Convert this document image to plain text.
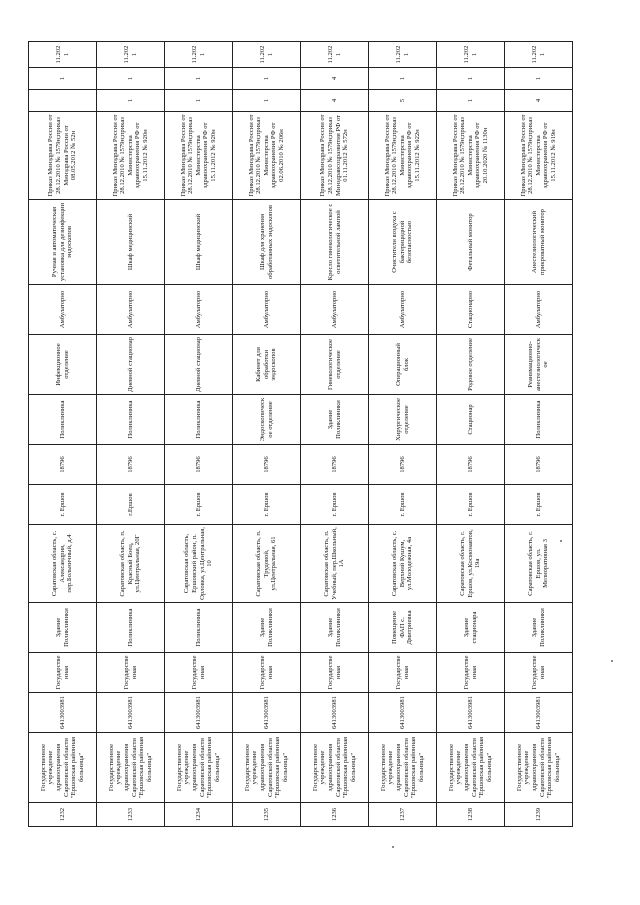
1232	Государственное учреждение здравоохранения Саратовской области "Ершовская районная больница"	6413003981	Государственная	Здание Поликлиники	Саратовская область, с. Александрия, пер.Больничный, д.4	г. Ершов	18796	Поликлиника	Инфекционное отделение	Амбулаторно	Ручная и автоматическая установка для дезинфекции эндоскопов	Приказ Минздрава России от 28.12.2010 № 1579н;приказ Минздрава России от 08.05.2012 № 52н		1	11.2021
1233	Государственное учреждение здравоохранения Саратовской области "Ершовская районная больница"	6413003981	Государственная	Поликлиника	Саратовская область, п. Красный Боец, ул.Центральная, 20Г	г.Ершов	18796	Поликлиника	Дневной стационар	Амбулаторно	Шкаф медицинский	Приказ Минздрава России от 28.12.2010 № 1579н;приказ Министерства здравоохранения РФ от 15.11.2012 № 920н	1	1	11.2021
1234	Государственное учреждение здравоохранения Саратовской области "Ершовская районная больница"	6413003981	Государственная	Поликлиника	Саратовская область, Ершовский район, п. Орловка, ул.Центральная, 10	г. Ершов	18796	Поликлиника	Дневной стационар	Амбулаторно	Шкаф медицинский	Приказ Минздрава России от 28.12.2010 № 1579н;приказ Министерства здравоохранения РФ от 15.11.2012 № 920н	1	1	11.2021
1235	Государственное учреждение здравоохранения Саратовской области "Ершовская районная больница"	6413003981	Государственная	Здание Поликлиники	Саратовская область, п. Трудовой, ул.Центральная, 61	г. Ершов	18796	Эндоскопическое отделение	Кабинет для обработки эндоскопов	Амбулаторно	Шкаф для хранения обработанных эндоскопов	Приказ Минздрава России от 28.12.2010 № 1579н;приказ Министерства здравоохранения РФ от 02.06.2010 № 206н	1	1	11.2021
1236	Государственное учреждение здравоохранения Саратовской области "Ершовская районная больница"	6413003981	Государственная	Здание Поликлиники	Саратовская область, п. Учебный, пер.Школьный, 1А	г. Ершов	18796	Здание Поликлиники	Гинекологическое отделение	Амбулаторно	Кресло гинекологическое с осветительной лампой	Приказ Минздрава России от 28.12.2010 № 1579н;приказ Минздравсоцразвития РФ от 01.11.2012 № 572н	4	4	11.2021
1237	Государственное учреждение здравоохранения Саратовской области "Ершовская районная больница"	6413003981	Государственная	Помещение ФАП с. Дмитриевка	Саратовская область, с. Верхний Кушум, ул.Молодежная, 4а	г. Ершов	18796	Хирургическое отделение	Операционный блок	Амбулаторно	Очистители воздуха с бактерицидной безопасностью	Приказ Минздрава России от 28.12.2010 № 1579н;приказ Министерства здравоохранения РФ от 15.11.2012 № 922н	5	1	11.2021
1238	Государственное учреждение здравоохранения Саратовской области "Ершовская районная больница"	6413003981	Государственная	Здание стационара	Саратовская область, г. Ершов, ул.Космонавтов, 19а	г. Ершов	18796	Стационар	Родовое отделение	Стационарно	Фетальный монитор	Приказ Минздрава России от 28.12.2010 № 1579н;приказ Министерства здравоохранения РФ от 20.10.2020 № 1130н	1	1	11.2021
1239	Государственное учреждение здравоохранения Саратовской области "Ершовская районная больница"	6413003981	Государственная	Здание Поликлиники	Саратовская область, г. Ершов, ул. Мелиоративная 3	г. Ершов	18796	Поликлиника	Реанимационно-анестезиологическое	Амбулаторно	Анестезиологический прикроватный монитор	Приказ Минздрава России от 28.12.2010 № 1579н;приказ Министерства здравоохранения РФ от 15.11.2012 № 919н	4	1	11.2021
